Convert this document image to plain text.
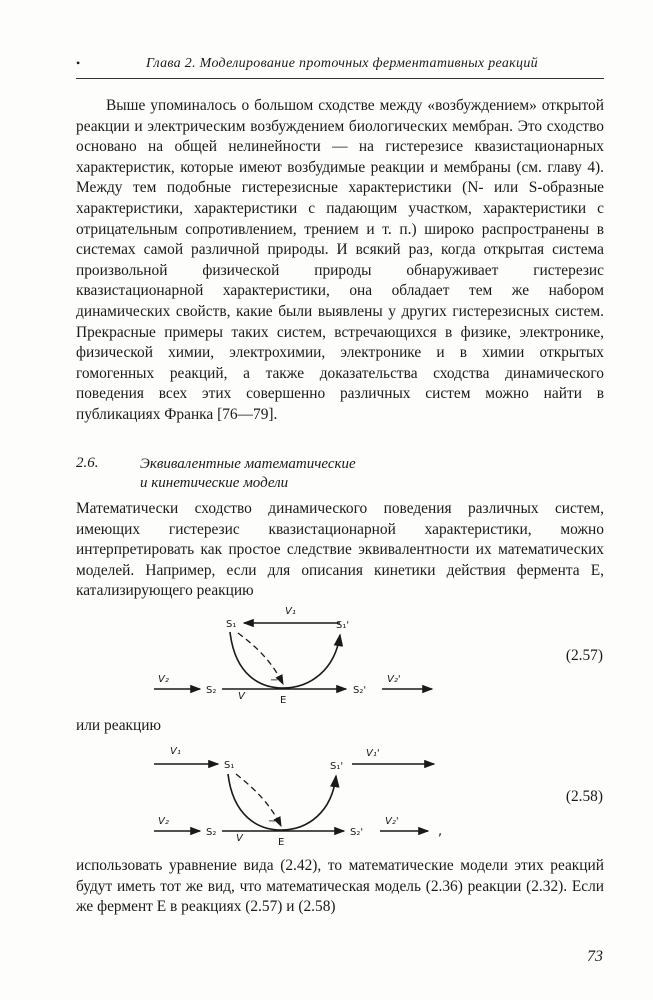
•	Глава 2. Моделирование проточных ферментативных реакций

Выше упоминалось о большом сходстве между «возбуждением» открытой реакции и электрическим возбуждением биологических мембран. Это сходство основано на общей нелинейности — на гистерезисе квазистационарных характеристик, которые имеют возбудимые реакции и мембраны (см. главу 4). Между тем подобные гистерезисные характеристики (N- или S-образные характеристики, характеристики с падающим участком, характеристики с отрицательным сопротивлением, трением и т. п.) широко распространены в системах самой различной природы. И всякий раз, когда открытая система произвольной физической природы обнаруживает гистерезис квазистационарной характеристики, она обладает тем же набором динамических свойств, какие были выявлены у других гистерезисных систем. Прекрасные примеры таких систем, встречающихся в физике, электронике, физической химии, электрохимии, электронике и в химии открытых гомогенных реакций, а также доказательства сходства динамического поведения всех этих совершенно различных систем можно найти в публикациях Франка [76—79].

2.6.	Эквивалентные математические
и кинетические модели

Математически сходство динамического поведения различных систем, имеющих гистерезис квазистационарной характеристики, можно интерпретировать как простое следствие эквивалентности их математических моделей. Например, если для описания кинетики действия фермента E, катализирующего реакцию

V₁
S₁	S₁'
−
V₂
S₂
V	E
S₂'
V₂'
(2.57)

или реакцию

V₁
S₁	S₁'
V₁'
−
V₂
S₂
V	E
S₂'
V₂'
,
(2.58)

использовать уравнение вида (2.42), то математические модели этих реакций будут иметь тот же вид, что математическая модель (2.36) реакции (2.32). Если же фермент E в реакциях (2.57) и (2.58)

73
